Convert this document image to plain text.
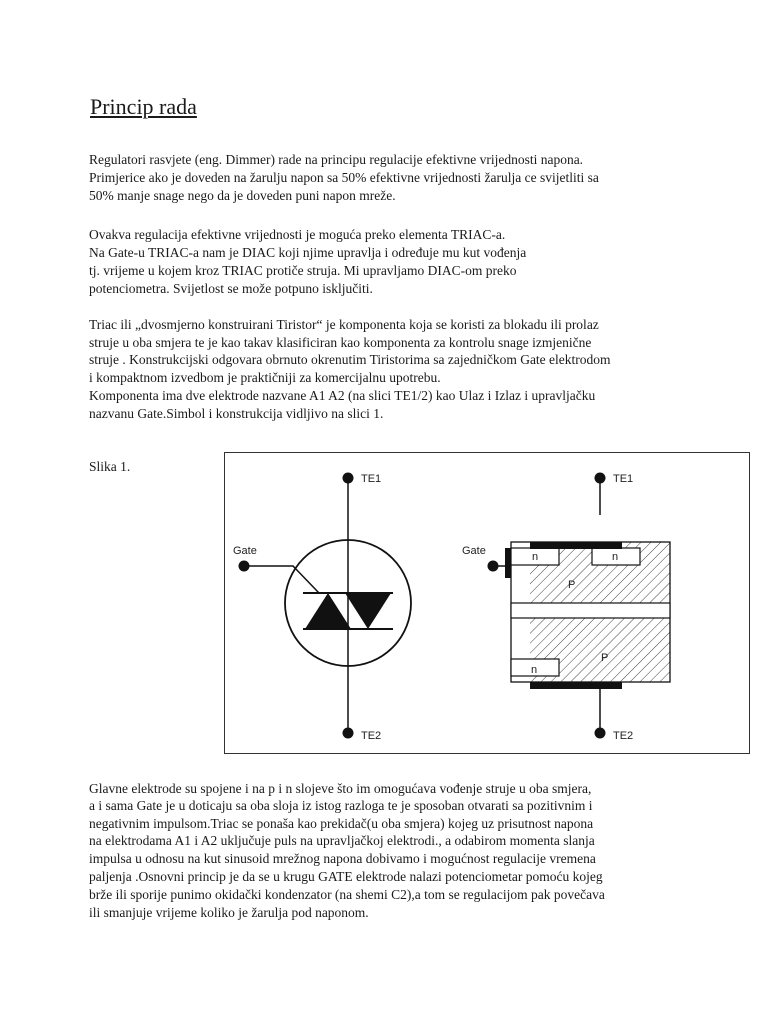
Princip rada
Regulatori rasvjete (eng. Dimmer) rade na principu regulacije efektivne vrijednosti napona.
Primjerice ako je doveden na žarulju napon sa 50% efektivne vrijednosti žarulja ce svijetliti sa
50% manje snage nego da je doveden puni napon mreže.
Ovakva regulacija efektivne vrijednosti je moguća preko elementa TRIAC-a.
Na Gate-u TRIAC-a nam je DIAC koji njime upravlja i određuje mu kut vođenja
tj. vrijeme u kojem kroz TRIAC protiče struja. Mi upravljamo DIAC-om preko
potenciometra. Svijetlost se može potpuno isključiti.
Triac ili „dvosmjerno konstruirani Tiristor“ je komponenta koja se koristi za blokadu ili prolaz
struje u oba smjera te je kao takav klasificiran kao komponenta za kontrolu snage izmjenične
struje . Konstrukcijski odgovara obrnuto okrenutim Tiristorima sa zajedničkom Gate elektrodom
i kompaktnom izvedbom je praktičniji za komercijalnu upotrebu.
Komponenta ima dve elektrode nazvane A1 A2 (na slici TE1/2) kao Ulaz i Izlaz i upravljačku
nazvanu Gate.Simbol i konstrukcija vidljivo na slici 1.
Slika 1.
TE1
TE2
Gate	Gate
TE1
TE2
n	n
P
n
P
Glavne elektrode su spojene i na p i n slojeve što im omogućava vođenje struje u oba smjera,
a i sama Gate je u doticaju sa oba sloja iz istog razloga te je sposoban otvarati sa pozitivnim i
negativnim impulsom.Triac se ponaša kao prekidač(u oba smjera) kojeg uz prisutnost napona
na elektrodama A1 i A2 uključuje puls na upravljačkoj elektrodi., a odabirom momenta slanja
impulsa u odnosu na kut sinusoid mrežnog napona dobivamo i mogućnost regulacije vremena
paljenja .Osnovni princip je da se u krugu GATE elektrode nalazi potenciometar pomoću kojeg
brže ili sporije punimo okidački kondenzator (na shemi C2),a tom se regulacijom pak povečava
ili smanjuje vrijeme koliko je žarulja pod naponom.
